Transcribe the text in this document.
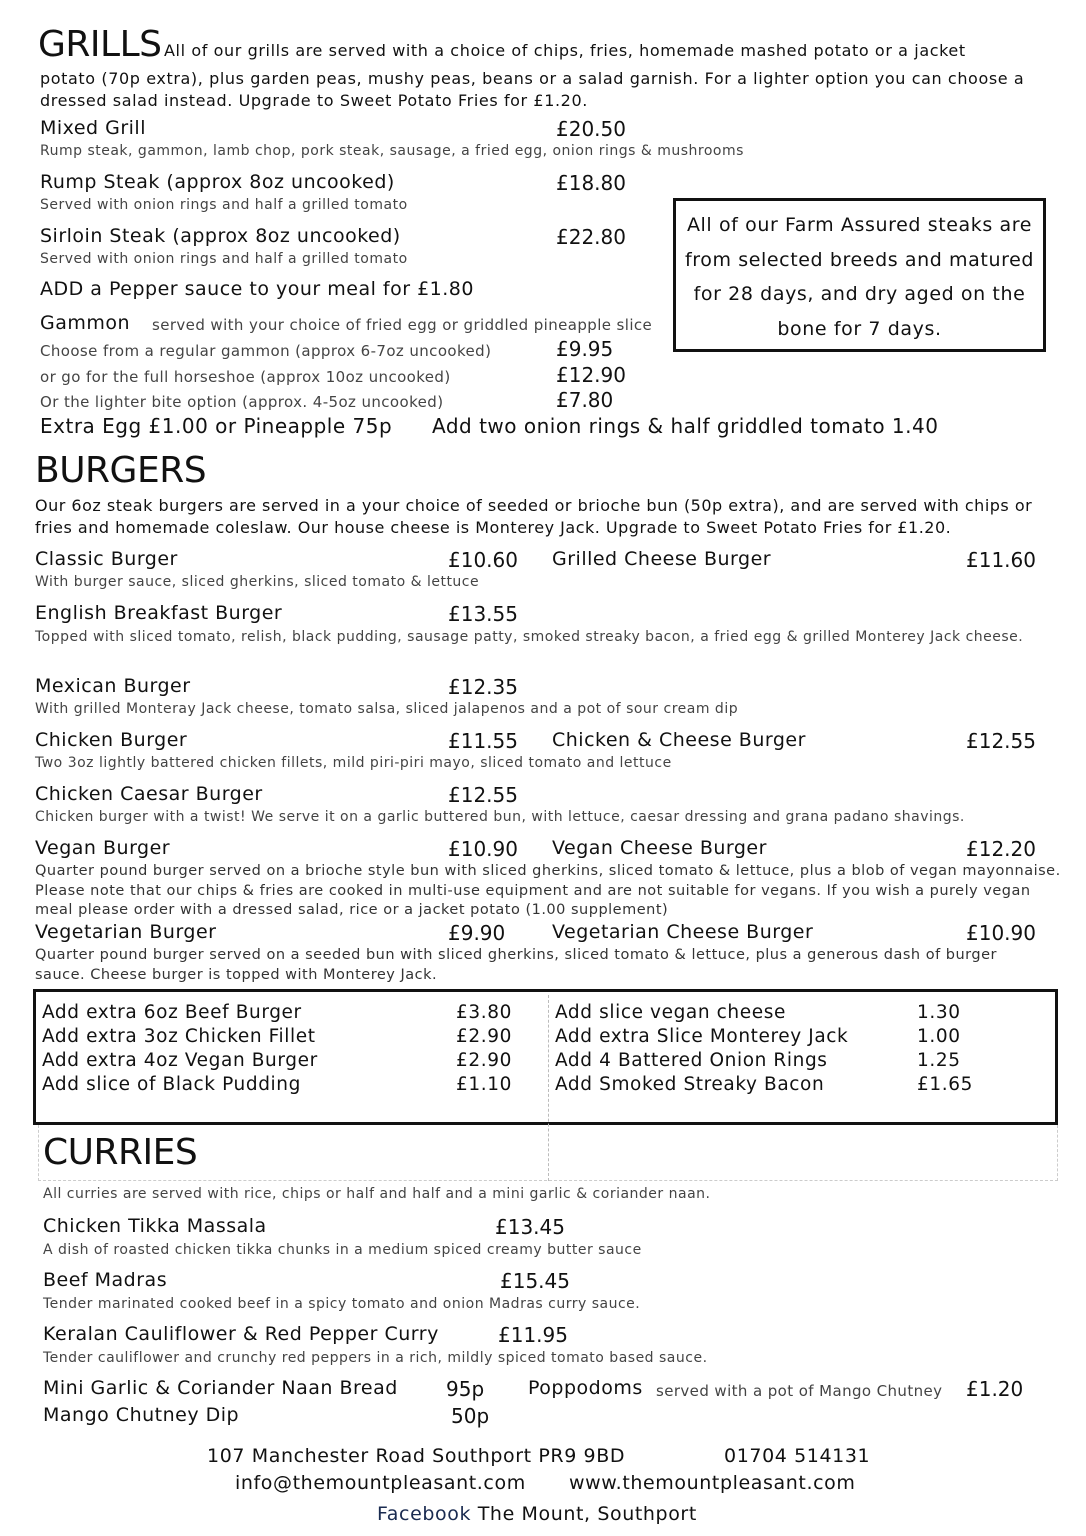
GRILLS All of our grills are served with a choice of chips, fries, homemade mashed potato or a jacket
potato (70p extra), plus garden peas, mushy peas, beans or a salad garnish. For a lighter option you can choose a dressed salad instead. Upgrade to Sweet Potato Fries for £1.20.
Mixed Grill	£20.50
Rump steak, gammon, lamb chop, pork steak, sausage, a fried egg, onion rings & mushrooms
Rump Steak (approx 8oz uncooked)	£18.80
Served with onion rings and half a grilled tomato
Sirloin Steak (approx 8oz uncooked)	£22.80
Served with onion rings and half a grilled tomato
ADD a Pepper sauce to your meal for £1.80
Gammon served with your choice of fried egg or griddled pineapple slice
Choose from a regular gammon (approx 6-7oz uncooked)	£9.95
or go for the full horseshoe (approx 10oz uncooked)	£12.90
Or the lighter bite option (approx. 4-5oz uncooked)	£7.80
Extra Egg £1.00 or Pineapple 75p Add two onion rings & half griddled tomato 1.40
All of our Farm Assured steaks are from selected breeds and matured for 28 days, and dry aged on the bone for 7 days.
BURGERS
Our 6oz steak burgers are served in a your choice of seeded or brioche bun (50p extra), and are served with chips or fries and homemade coleslaw. Our house cheese is Monterey Jack. Upgrade to Sweet Potato Fries for £1.20.
Classic Burger	£10.60 Grilled Cheese Burger	£11.60
With burger sauce, sliced gherkins, sliced tomato & lettuce
English Breakfast Burger	£13.55
Topped with sliced tomato, relish, black pudding, sausage patty, smoked streaky bacon, a fried egg & grilled Monterey Jack cheese.
Mexican Burger	£12.35
With grilled Monteray Jack cheese, tomato salsa, sliced jalapenos and a pot of sour cream dip
Chicken Burger	£11.55 Chicken & Cheese Burger	£12.55
Two 3oz lightly battered chicken fillets, mild piri-piri mayo, sliced tomato and lettuce
Chicken Caesar Burger	£12.55
Chicken burger with a twist! We serve it on a garlic buttered bun, with lettuce, caesar dressing and grana padano shavings.
Vegan Burger	£10.90 Vegan Cheese Burger	£12.20
Quarter pound burger served on a brioche style bun with sliced gherkins, sliced tomato & lettuce, plus a blob of vegan mayonnaise. Please note that our chips & fries are cooked in multi-use equipment and are not suitable for vegans. If you wish a purely vegan meal please order with a dressed salad, rice or a jacket potato (1.00 supplement)
Vegetarian Burger	£9.90 Vegetarian Cheese Burger	£10.90
Quarter pound burger served on a seeded bun with sliced gherkins, sliced tomato & lettuce, plus a generous dash of burger sauce. Cheese burger is topped with Monterey Jack.
Add extra 6oz Beef Burger	£3.80
Add extra 3oz Chicken Fillet	£2.90
Add extra 4oz Vegan Burger	£2.90
Add slice of Black Pudding	£1.10
Add slice vegan cheese	1.30
Add extra Slice Monterey Jack	1.00
Add 4 Battered Onion Rings	1.25
Add Smoked Streaky Bacon	£1.65
CURRIES
All curries are served with rice, chips or half and half and a mini garlic & coriander naan.
Chicken Tikka Massala	£13.45
A dish of roasted chicken tikka chunks in a medium spiced creamy butter sauce
Beef Madras	£15.45
Tender marinated cooked beef in a spicy tomato and onion Madras curry sauce.
Keralan Cauliflower & Red Pepper Curry	£11.95
Tender cauliflower and crunchy red peppers in a rich, mildly spiced tomato based sauce.
Mini Garlic & Coriander Naan Bread 95p Poppodoms served with a pot of Mango Chutney £1.20
Mango Chutney Dip	50p
107 Manchester Road Southport PR9 9BD	01704 514131
info@themountpleasant.com www.themountpleasant.com
Facebook The Mount, Southport
